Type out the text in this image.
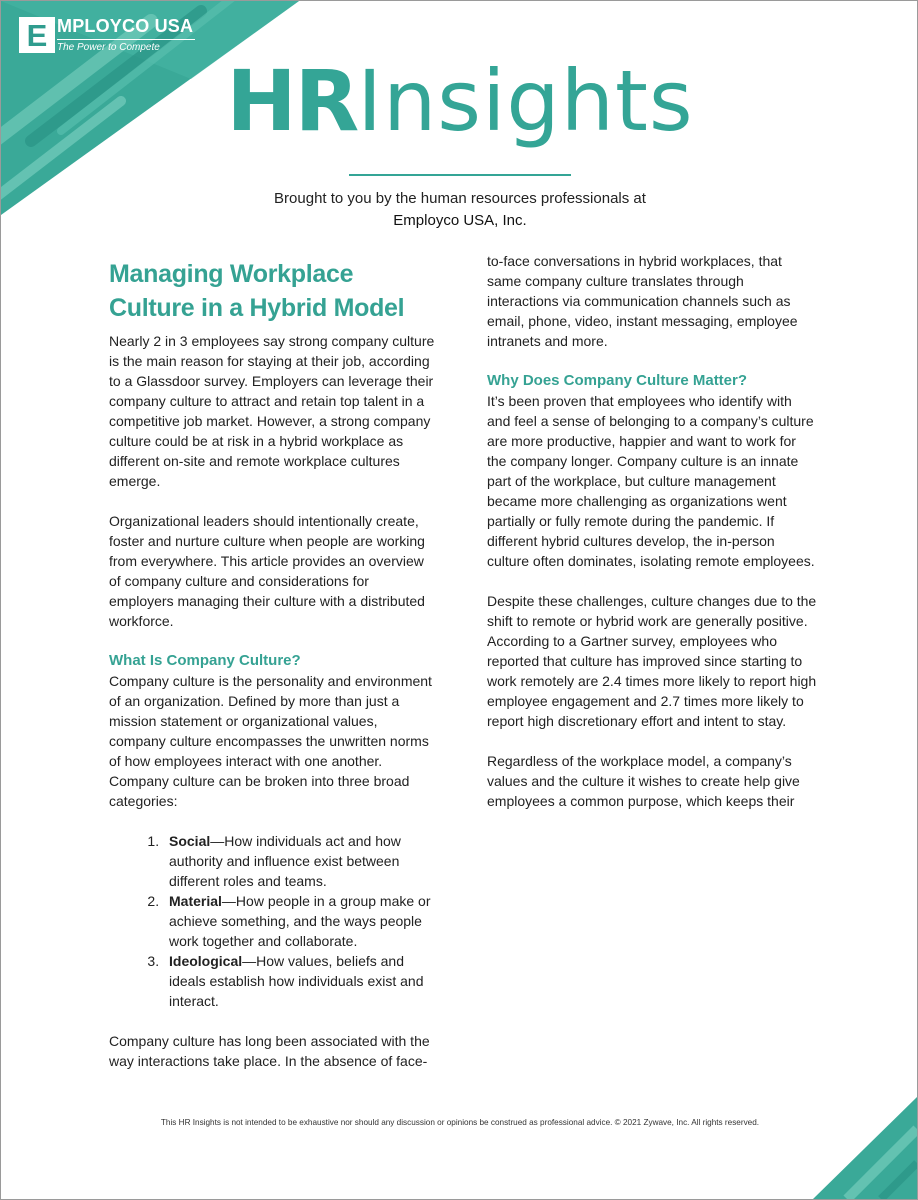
E MPLOYCO USA
The Power to Compete
HRInsights
Brought to you by the human resources professionals at
Employco USA, Inc.
Managing Workplace Culture in a Hybrid Model

Nearly 2 in 3 employees say strong company culture is the main reason for staying at their job, according to a Glassdoor survey. Employers can leverage their company culture to attract and retain top talent in a competitive job market. However, a strong company culture could be at risk in a hybrid workplace as different on-site and remote workplace cultures emerge.

Organizational leaders should intentionally create, foster and nurture culture when people are working from everywhere. This article provides an overview of company culture and considerations for employers managing their culture with a distributed workforce.

What Is Company Culture?

Company culture is the personality and environment of an organization. Defined by more than just a mission statement or organizational values, company culture encompasses the unwritten norms of how employees interact with one another. Company culture can be broken into three broad categories:

1. Social—How individuals act and how authority and influence exist between different roles and teams.
2. Material—How people in a group make or achieve something, and the ways people work together and collaborate.
3. Ideological—How values, beliefs and ideals establish how individuals exist and interact.

Company culture has long been associated with the way interactions take place. In the absence of face-

to-face conversations in hybrid workplaces, that same company culture translates through interactions via communication channels such as email, phone, video, instant messaging, employee intranets and more.

Why Does Company Culture Matter?

It’s been proven that employees who identify with and feel a sense of belonging to a company’s culture are more productive, happier and want to work for the company longer. Company culture is an innate part of the workplace, but culture management became more challenging as organizations went partially or fully remote during the pandemic. If different hybrid cultures develop, the in-person culture often dominates, isolating remote employees.

Despite these challenges, culture changes due to the shift to remote or hybrid work are generally positive. According to a Gartner survey, employees who reported that culture has improved since starting to work remotely are 2.4 times more likely to report high employee engagement and 2.7 times more likely to report high discretionary effort and intent to stay.

Regardless of the workplace model, a company’s values and the culture it wishes to create help give employees a common purpose, which keeps their

This HR Insights is not intended to be exhaustive nor should any discussion or opinions be construed as professional advice. © 2021 Zywave, Inc. All rights reserved.
